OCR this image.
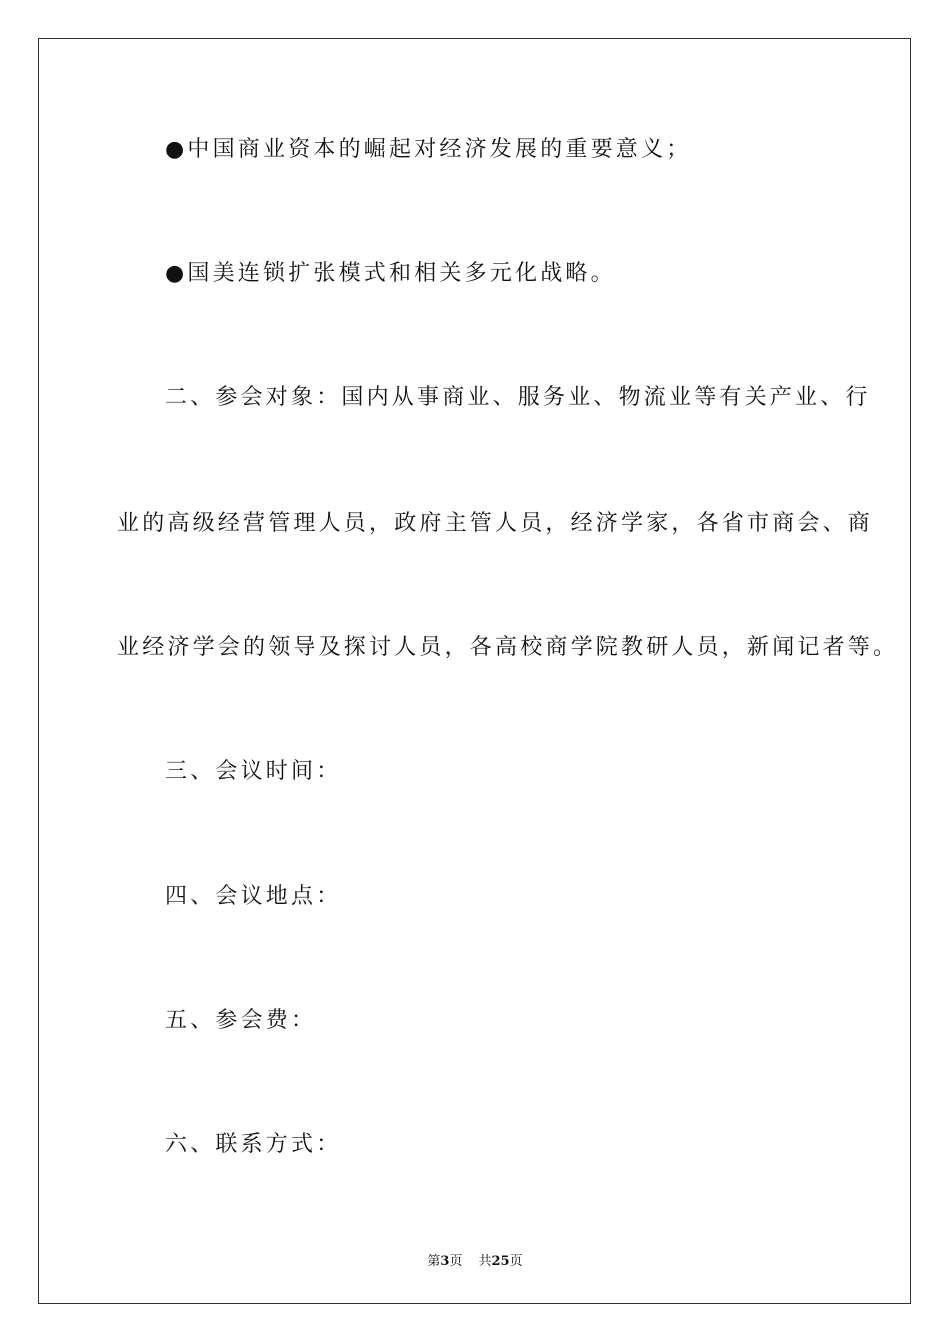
●中国商业资本的崛起对经济发展的重要意义；
●国美连锁扩张模式和相关多元化战略。
二、参会对象：国内从事商业、服务业、物流业等有关产业、行
业的高级经营管理人员，政府主管人员，经济学家，各省市商会、商
业经济学会的领导及探讨人员，各高校商学院教研人员，新闻记者等。
三、会议时间：
四、会议地点：
五、参会费：
六、联系方式：
第3页 共25页
